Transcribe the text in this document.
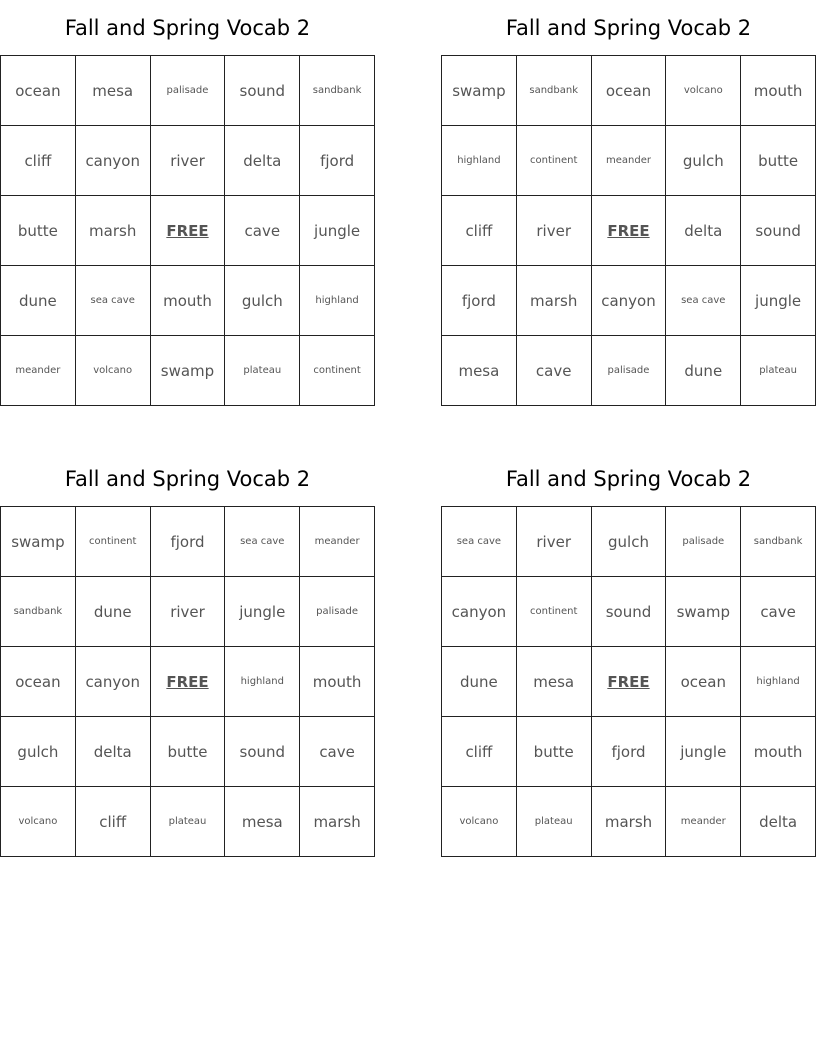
Fall and Spring Vocab 2
ocean	mesa	palisade	sound	sandbank
cliff	canyon	river	delta	fjord
butte	marsh	FREE	cave	jungle
dune	sea cave	mouth	gulch	highland
meander	volcano	swamp	plateau	continent
Fall and Spring Vocab 2
swamp	sandbank	ocean	volcano	mouth
highland	continent	meander	gulch	butte
cliff	river	FREE	delta	sound
fjord	marsh	canyon	sea cave	jungle
mesa	cave	palisade	dune	plateau
Fall and Spring Vocab 2
swamp	continent	fjord	sea cave	meander
sandbank	dune	river	jungle	palisade
ocean	canyon	FREE	highland	mouth
gulch	delta	butte	sound	cave
volcano	cliff	plateau	mesa	marsh
Fall and Spring Vocab 2
sea cave	river	gulch	palisade	sandbank
canyon	continent	sound	swamp	cave
dune	mesa	FREE	ocean	highland
cliff	butte	fjord	jungle	mouth
volcano	plateau	marsh	meander	delta
